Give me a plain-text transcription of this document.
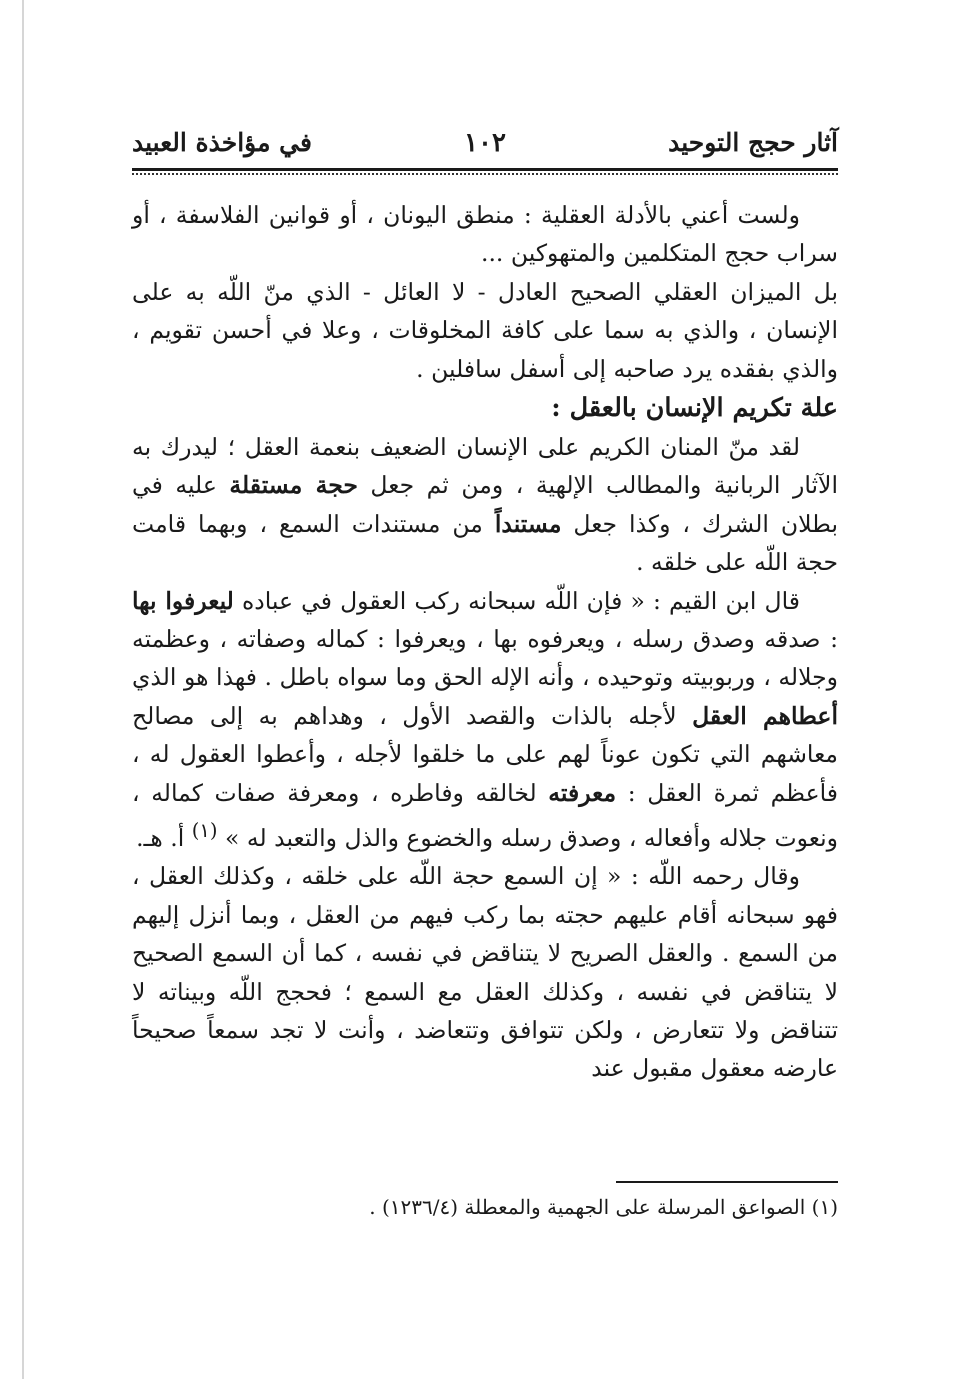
آثار حجج التوحيد
١٠٢
في مؤاخذة العبيد

ولست أعني بالأدلة العقلية : منطق اليونان ، أو قوانين الفلاسفة ، أو سراب حجج المتكلمين والمتهوكين ...

بل الميزان العقلي الصحيح العادل - لا العائل - الذي منّ اللّه به على الإنسان ، والذي به سما على كافة المخلوقات ، وعلا في أحسن تقويم ، والذي بفقده يرد صاحبه إلى أسفل سافلين .

علة تكريم الإنسان بالعقل :

لقد منّ المنان الكريم على الإنسان الضعيف بنعمة العقل ؛ ليدرك به الآثار الربانية والمطالب الإلهية ، ومن ثم جعل حجة مستقلة عليه في بطلان الشرك ، وكذا جعل مستنداً من مستندات السمع ، وبهما قامت حجة اللّه على خلقه .

قال ابن القيم : « فإن اللّه سبحانه ركب العقول في عباده ليعرفوا بها : صدقه وصدق رسله ، ويعرفوه بها ، ويعرفوا : كماله وصفاته ، وعظمته وجلاله ، وربوبيته وتوحيده ، وأنه الإله الحق وما سواه باطل . فهذا هو الذي أعطاهم العقل لأجله بالذات والقصد الأول ، وهداهم به إلى مصالح معاشهم التي تكون عوناً لهم على ما خلقوا لأجله ، وأعطوا العقول له ، فأعظم ثمرة العقل : معرفته لخالقه وفاطره ، ومعرفة صفات كماله ، ونعوت جلاله وأفعاله ، وصدق رسله والخضوع والذل والتعبد له » $^{(١)}$ أ. هـ.

وقال رحمه اللّه : « إن السمع حجة اللّه على خلقه ، وكذلك العقل ، فهو سبحانه أقام عليهم حجته بما ركب فيهم من العقل ، وبما أنزل إليهم من السمع . والعقل الصريح لا يتناقض في نفسه ، كما أن السمع الصحيح لا يتناقض في نفسه ، وكذلك العقل مع السمع ؛ فحجج اللّه وبيناته لا تتناقض ولا تتعارض ، ولكن تتوافق وتتعاضد ، وأنت لا تجد سمعاً صحيحاً عارضه معقول مقبول عند

(١) الصواعق المرسلة على الجهمية والمعطلة (١٢٣٦/٤) .
